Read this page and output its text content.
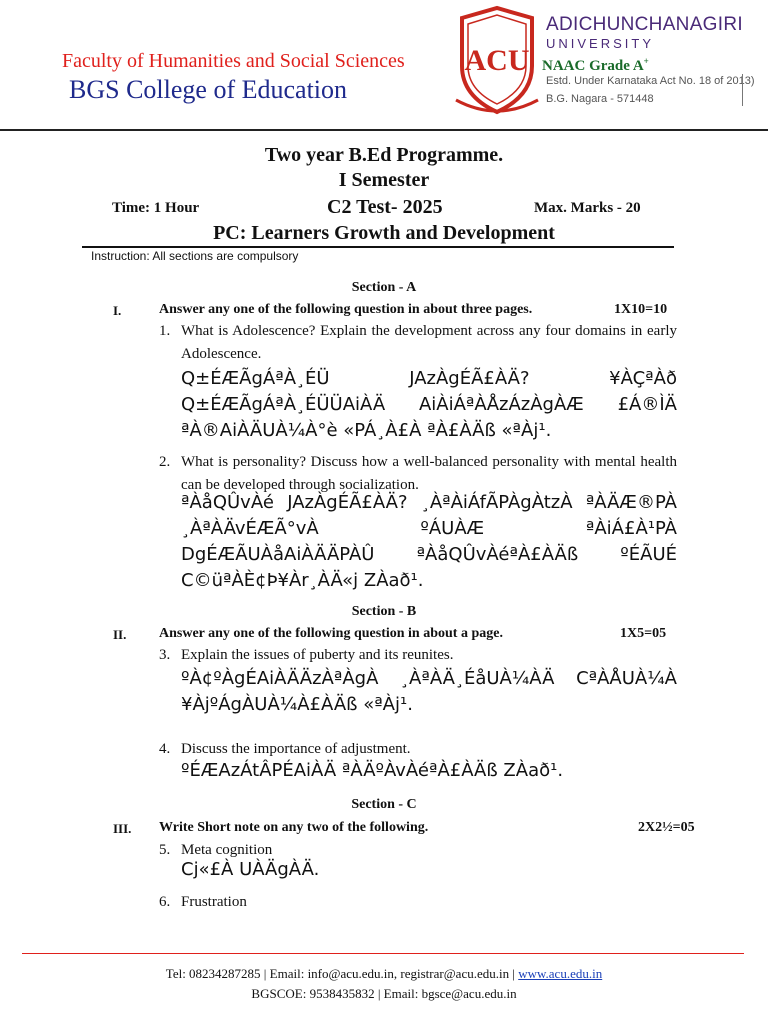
Faculty of Humanities and Social Sciences
BGS College of Education
ACU
ADICHUNCHANAGIRI
UNIVERSITY
NAAC Grade A+
Estd. Under Karnataka Act No. 18 of 2013)
B.G. Nagara - 571448
Two year B.Ed Programme.
I Semester
Time: 1 Hour	C2 Test- 2025	Max. Marks - 20
PC: Learners Growth and Development
Instruction: All sections are compulsory
Section - A
I.	Answer any one of the following question in about three pages.	1X10=10
1. What is Adolescence? Explain the development across any four domains in early Adolescence.
Q±ÉÆÃgÁªÀ¸ÉÜ JAzÀgÉÃ£ÀÄ? ¥ÀÇªÀð Q±ÉÆÃgÁªÀ¸ÉÜÜAiÀÄ AiÀiÁªÀÅzÁzÀgÀÆ £Á®ÌÄ ªÀ®AiÀÄUÀ¼À°è «PÁ¸À£À ªÀ£ÀÄß «ªÀj¹.
2. What is personality? Discuss how a well-balanced personality with mental health can be developed through socialization.
ªÀåQÛvÀé JAzÀgÉÃ£ÀÄ? ¸ÀªÀiÁfÃPÀgÀtzÀ ªÀÄÆ®PÀ ¸ÀªÀÄvÉÆÃ°vÀ ºÁUÀÆ ªÀiÁ£À¹PÀ DgÉÆÃUÀåAiÀÄÄPÀÛ ªÀåQÛvÀéªÀ£ÀÄß ºÉÃUÉ C©üªÀÈ¢Þ¥Àr¸ÀÄ«j ZÀað¹.
Section - B
II. Answer any one of the following question in about a page.	1X5=05
3. Explain the issues of puberty and its reunites.
ºÀ¢ºÀgÉAiÀÄÄzÀªÀgÀ ¸ÀªÀÄ¸ÉåUÀ¼ÀÄ CªÀÅUÀ¼À ¥ÀjºÁgÀUÀ¼À£ÀÄß «ªÀj¹.
4. Discuss the importance of adjustment.
ºÉÆAzÁtÂPÉAiÀÄ ªÀÄºÀvÀéªÀ£ÀÄß ZÀað¹.
Section - C
III. Write Short note on any two of the following.	2X2½=05
5. Meta cognition
Cj«£À UÀÄgÀÄ.
6. Frustration
Tel: 08234287285 | Email: info@acu.edu.in, registrar@acu.edu.in | www.acu.edu.in
BGSCOE: 9538435832 | Email: bgsce@acu.edu.in
